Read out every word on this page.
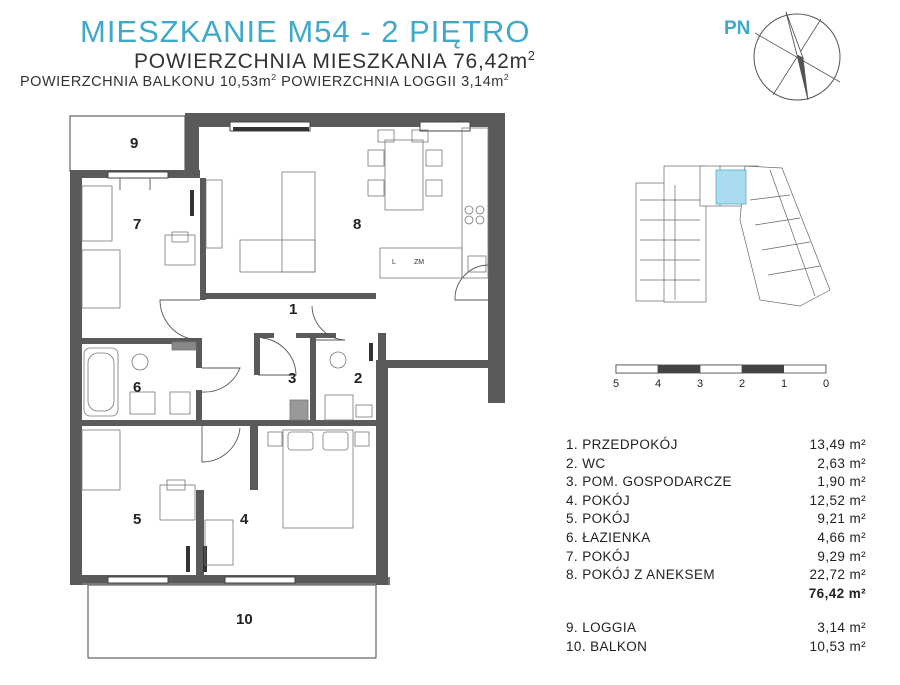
MIESZKANIE M54 - 2 PIĘTRO
POWIERZCHNIA MIESZKANIA $76,42m^2$
POWIERZCHNIA BALKONU $10,53m^2$ POWIERZCHNIA LOGGII $3,14m^2$
PN
L	ZM
1
2
3
4
5
6
7	8
9
10
5	4	3	2	1	0
1. PRZEDPOKÓJ	13,49 m²
2. WC	2,63 m²
3. POM. GOSPODARCZE	1,90 m²
4. POKÓJ	12,52 m²
5. POKÓJ	9,21 m²
6. ŁAZIENKA	4,66 m²
7. POKÓJ	9,29 m²
8. POKÓJ Z ANEKSEM	22,72 m²
76,42 m²
9. LOGGIA	3,14 m²
10. BALKON	10,53 m²
